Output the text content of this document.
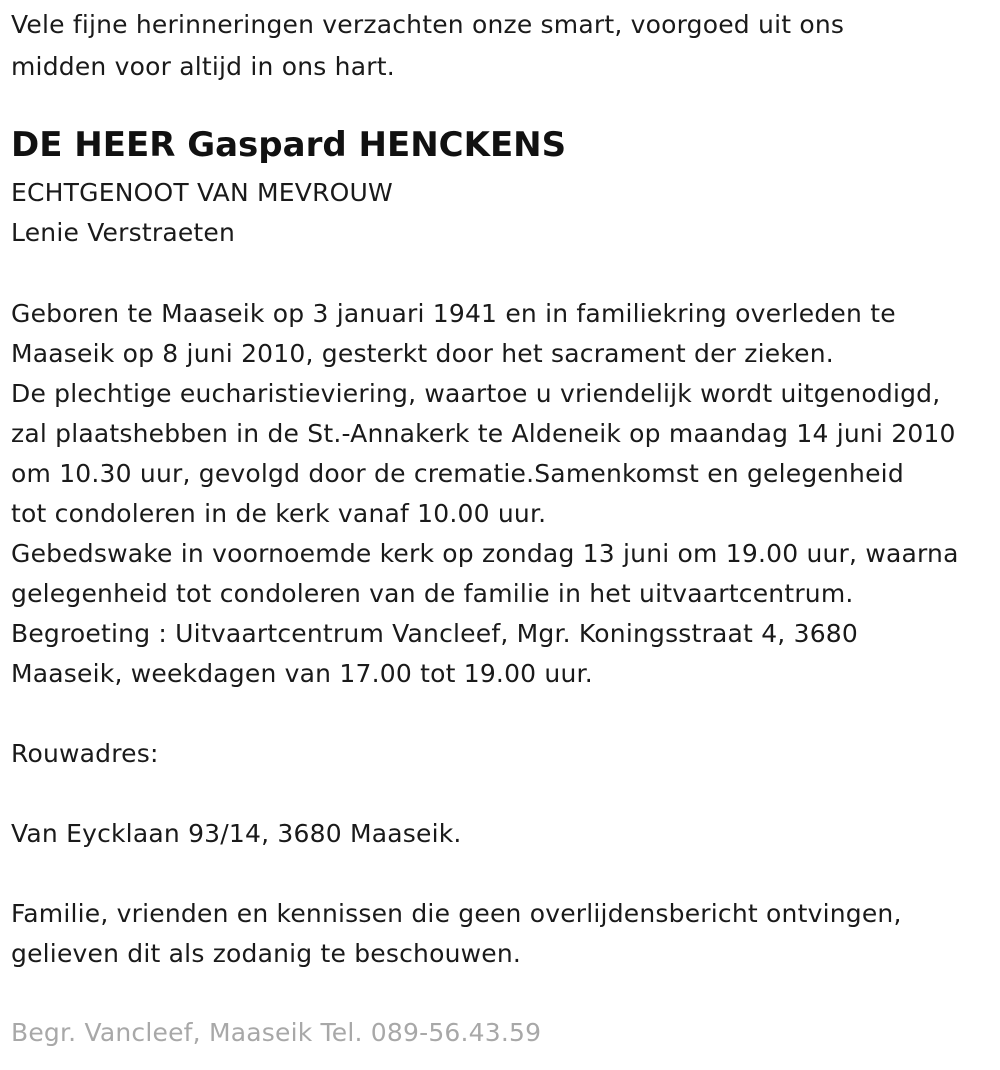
Vele fijne herinneringen verzachten onze smart, voorgoed uit ons
midden voor altijd in ons hart.
DE HEER Gaspard HENCKENS
ECHTGENOOT VAN MEVROUW
Lenie Verstraeten
Geboren te Maaseik op 3 januari 1941 en in familiekring overleden te
Maaseik op 8 juni 2010, gesterkt door het sacrament der zieken.
De plechtige eucharistieviering, waartoe u vriendelijk wordt uitgenodigd,
zal plaatshebben in de St.-Annakerk te Aldeneik op maandag 14 juni 2010
om 10.30 uur, gevolgd door de crematie.Samenkomst en gelegenheid
tot condoleren in de kerk vanaf 10.00 uur.
Gebedswake in voornoemde kerk op zondag 13 juni om 19.00 uur, waarna
gelegenheid tot condoleren van de familie in het uitvaartcentrum.
Begroeting : Uitvaartcentrum Vancleef, Mgr. Koningsstraat 4, 3680
Maaseik, weekdagen van 17.00 tot 19.00 uur.
Rouwadres:
Van Eycklaan 93/14, 3680 Maaseik.
Familie, vrienden en kennissen die geen overlijdensbericht ontvingen,
gelieven dit als zodanig te beschouwen.
Begr. Vancleef, Maaseik Tel. 089-56.43.59
